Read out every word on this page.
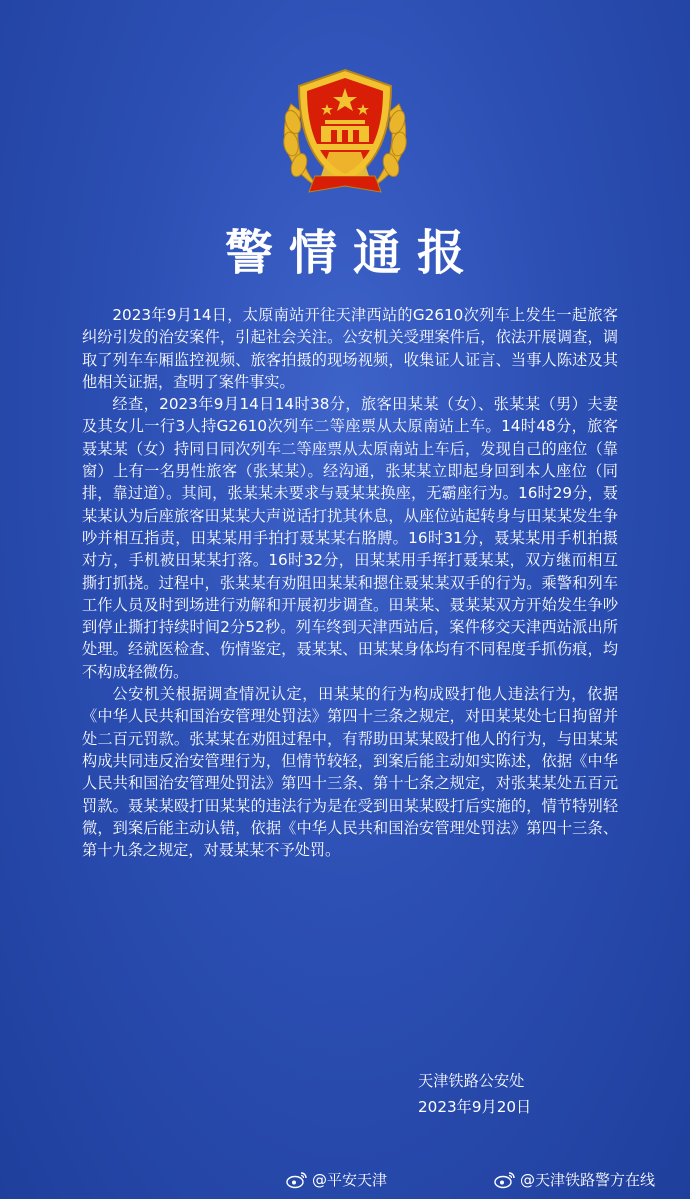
警情通报

2023年9月14日，太原南站开往天津西站的G2610次列车上发生一起旅客纠纷引发的治安案件，引起社会关注。公安机关受理案件后，依法开展调查，调取了列车车厢监控视频、旅客拍摄的现场视频，收集证人证言、当事人陈述及其他相关证据，查明了案件事实。

经查，2023年9月14日14时38分，旅客田某某（女）、张某某（男）夫妻及其女儿一行3人持G2610次列车二等座票从太原南站上车。14时48分，旅客聂某某（女）持同日同次列车二等座票从太原南站上车后，发现自己的座位（靠窗）上有一名男性旅客（张某某）。经沟通，张某某立即起身回到本人座位（同排，靠过道）。其间，张某某未要求与聂某某换座，无霸座行为。16时29分，聂某某认为后座旅客田某某大声说话打扰其休息，从座位站起转身与田某某发生争吵并相互指责，田某某用手拍打聂某某右胳膊。16时31分，聂某某用手机拍摄对方，手机被田某某打落。16时32分，田某某用手挥打聂某某，双方继而相互撕打抓挠。过程中，张某某有劝阻田某某和摁住聂某某双手的行为。乘警和列车工作人员及时到场进行劝解和开展初步调查。田某某、聂某某双方开始发生争吵到停止撕打持续时间2分52秒。列车终到天津西站后，案件移交天津西站派出所处理。经就医检查、伤情鉴定，聂某某、田某某身体均有不同程度手抓伤痕，均不构成轻微伤。

公安机关根据调查情况认定，田某某的行为构成殴打他人违法行为，依据《中华人民共和国治安管理处罚法》第四十三条之规定，对田某某处七日拘留并处二百元罚款。张某某在劝阻过程中，有帮助田某某殴打他人的行为，与田某某构成共同违反治安管理行为，但情节较轻，到案后能主动如实陈述，依据《中华人民共和国治安管理处罚法》第四十三条、第十七条之规定，对张某某处五百元罚款。聂某某殴打田某某的违法行为是在受到田某某殴打后实施的，情节特别轻微，到案后能主动认错，依据《中华人民共和国治安管理处罚法》第四十三条、第十九条之规定，对聂某某不予处罚。

天津铁路公安处
2023年9月20日
@平安天津	@天津铁路警方在线
